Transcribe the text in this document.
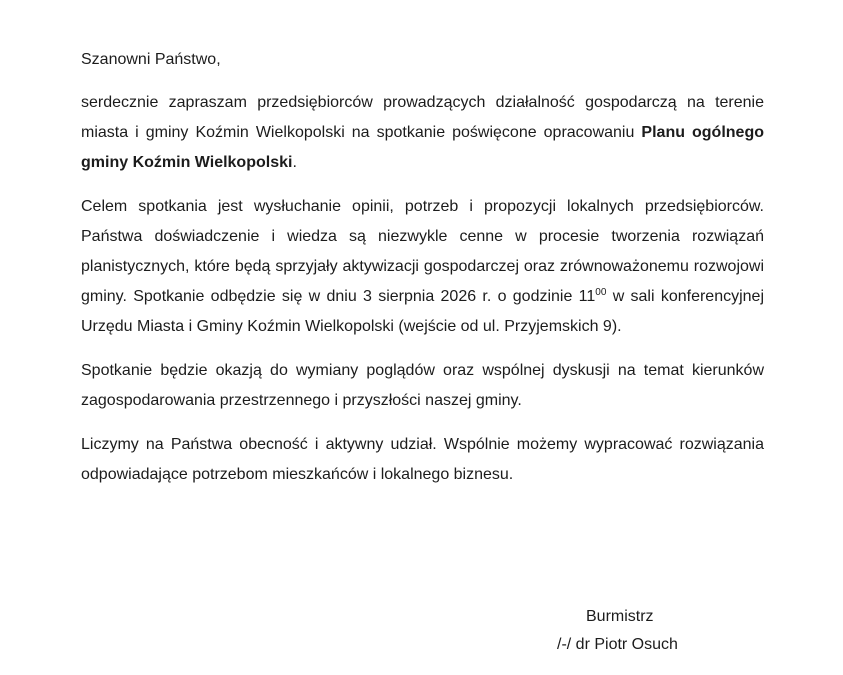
Szanowni Państwo,

serdecznie zapraszam przedsiębiorców prowadzących działalność gospodarczą na terenie miasta i gminy Koźmin Wielkopolski na spotkanie poświęcone opracowaniu Planu ogólnego gminy Koźmin Wielkopolski.

Celem spotkania jest wysłuchanie opinii, potrzeb i propozycji lokalnych przedsiębiorców. Państwa doświadczenie i wiedza są niezwykle cenne w procesie tworzenia rozwiązań planistycznych, które będą sprzyjały aktywizacji gospodarczej oraz zrównoważonemu rozwojowi gminy. Spotkanie odbędzie się w dniu 3 sierpnia 2026 r. o godzinie $11^{00}$ w sali konferencyjnej Urzędu Miasta i Gminy Koźmin Wielkopolski (wejście od ul. Przyjemskich 9).

Spotkanie będzie okazją do wymiany poglądów oraz wspólnej dyskusji na temat kierunków zagospodarowania przestrzennego i przyszłości naszej gminy.

Liczymy na Państwa obecność i aktywny udział. Wspólnie możemy wypracować rozwiązania odpowiadające potrzebom mieszkańców i lokalnego biznesu.

Burmistrz
/-/ dr Piotr Osuch
